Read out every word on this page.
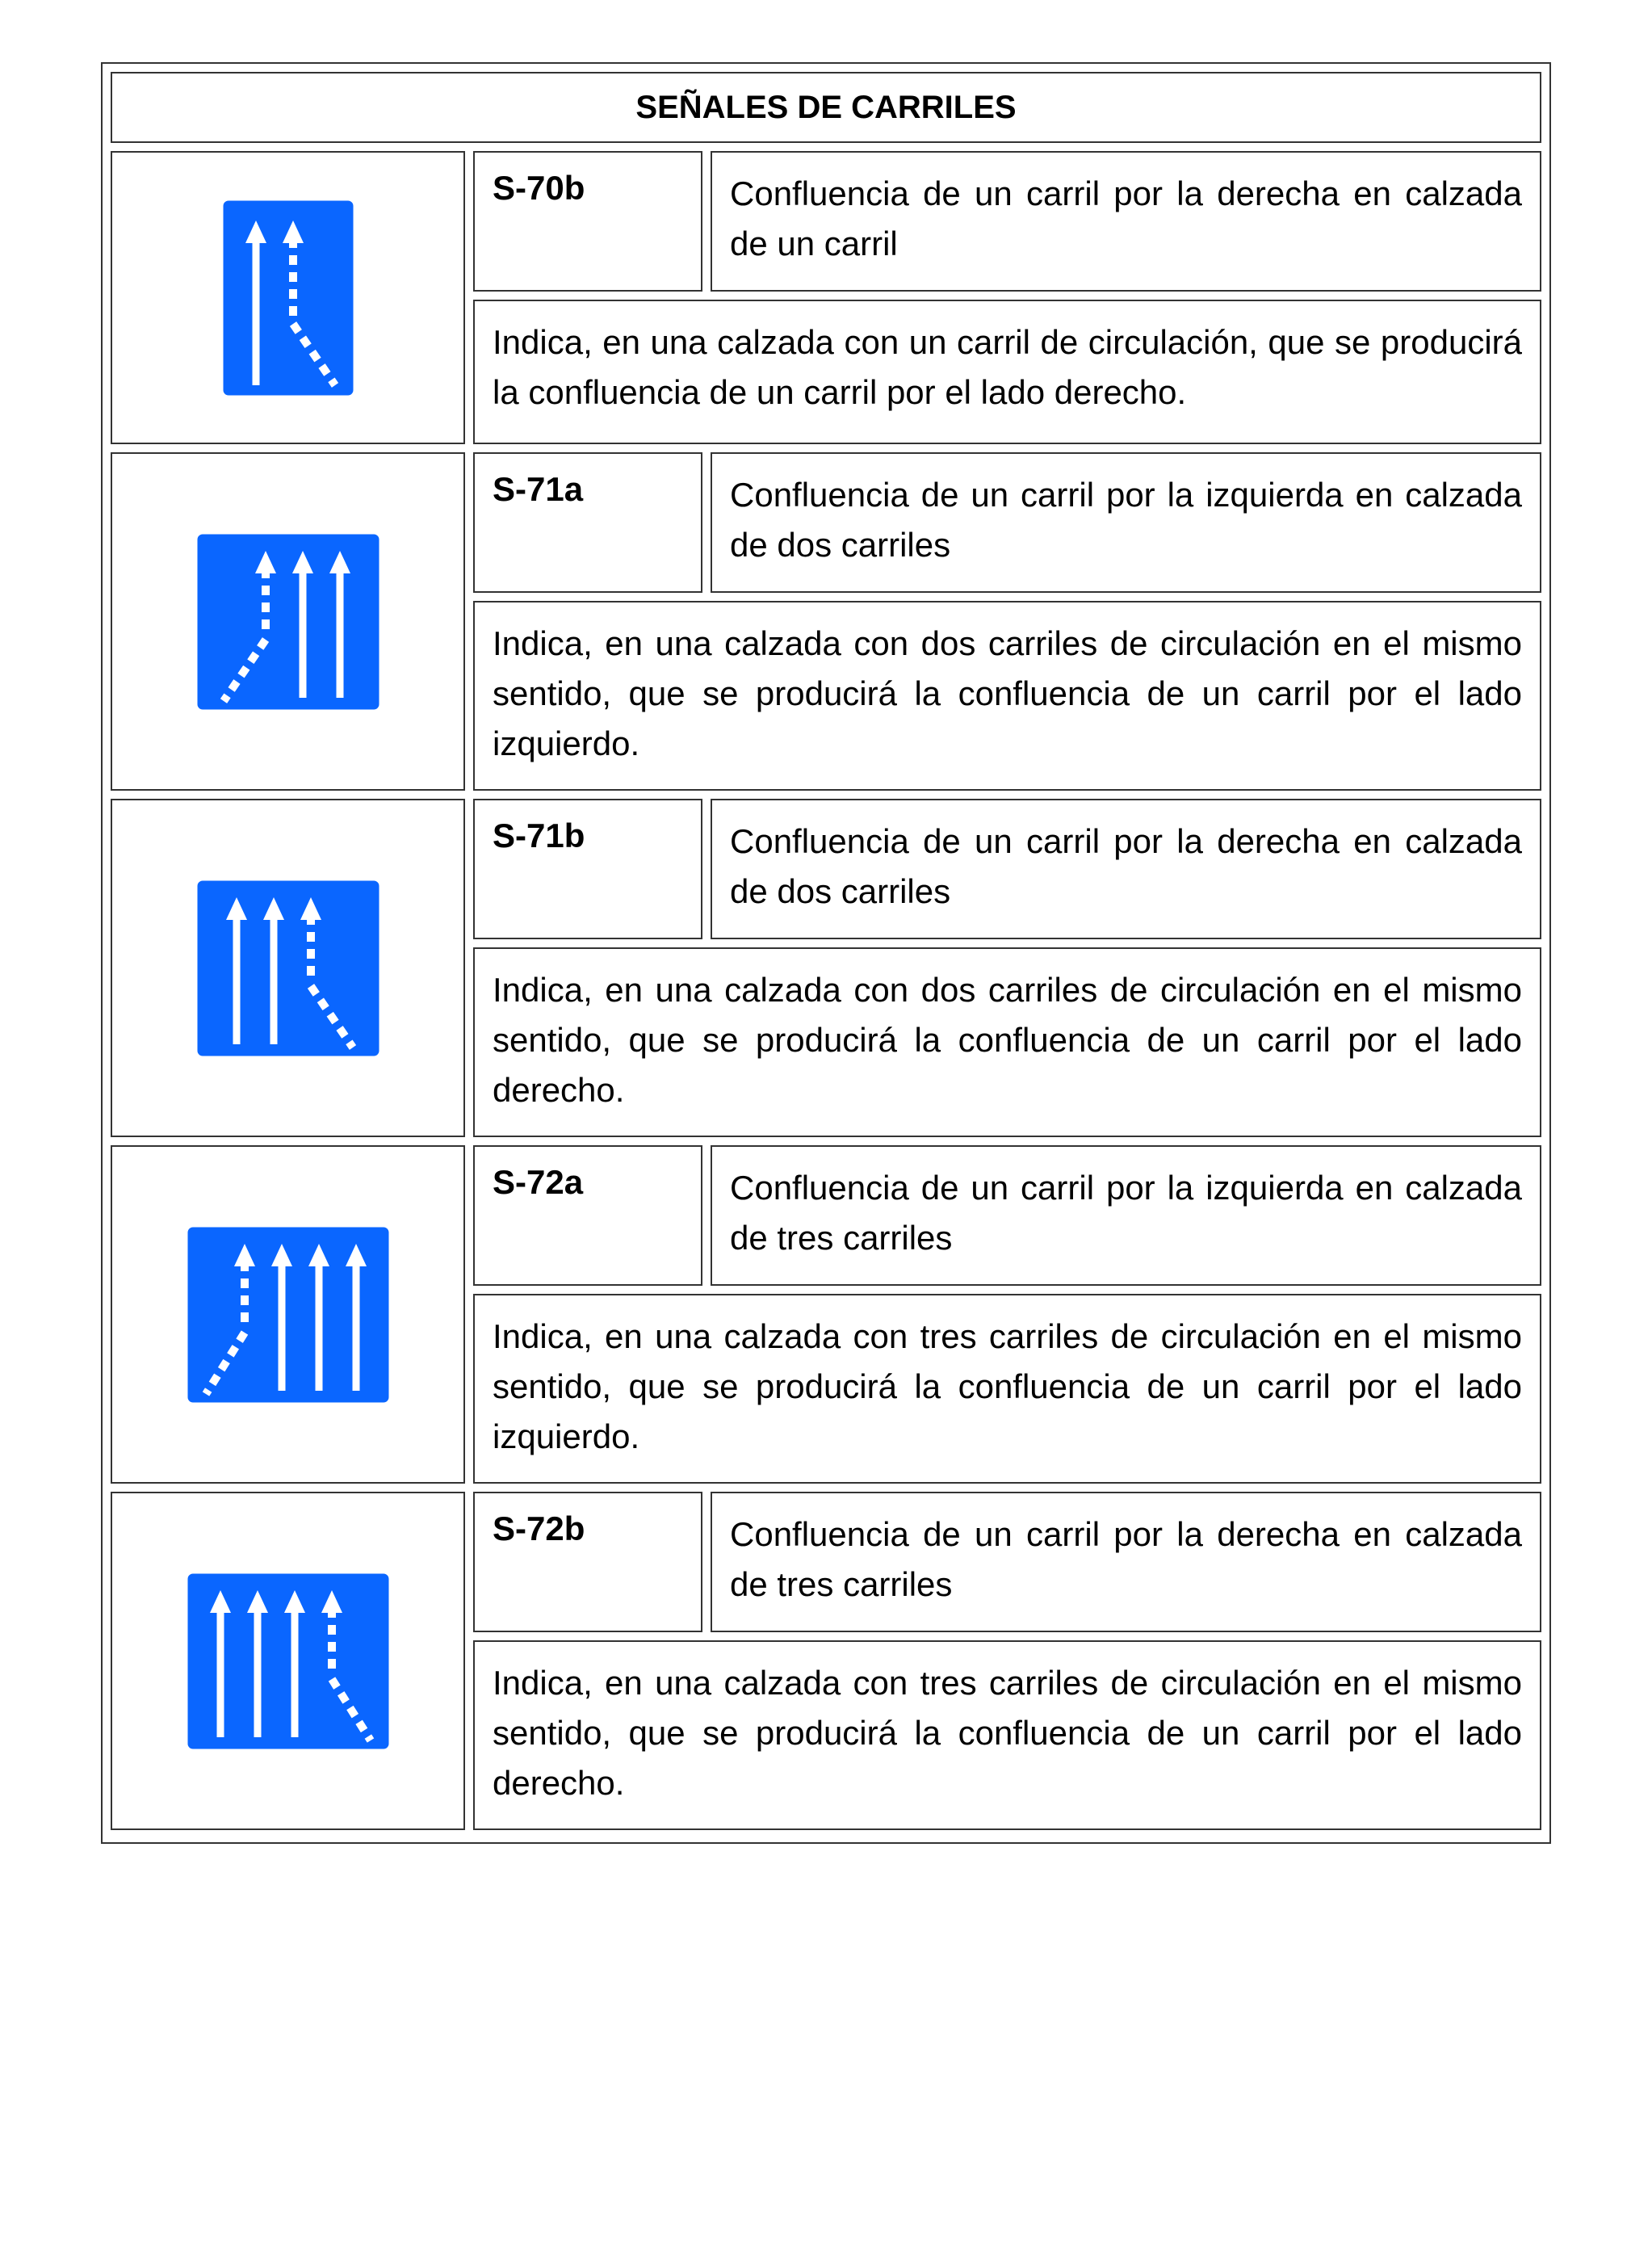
SEÑALES DE CARRILES
S-70b	Confluencia de un carril por la derecha en calzada de un carril
Indica, en una calzada con un carril de circulación, que se producirá la confluencia de un carril por el lado derecho.
S-71a	Confluencia de un carril por la izquierda en calzada de dos carriles
Indica, en una calzada con dos carriles de circulación en el mismo sentido, que se producirá la confluencia de un carril por el lado izquierdo.
S-71b	Confluencia de un carril por la derecha en calzada de dos carriles
Indica, en una calzada con dos carriles de circulación en el mismo sentido, que se producirá la confluencia de un carril por el lado derecho.
S-72a	Confluencia de un carril por la izquierda en calzada de tres carriles
Indica, en una calzada con tres carriles de circulación en el mismo sentido, que se producirá la confluencia de un carril por el lado izquierdo.
S-72b	Confluencia de un carril por la derecha en calzada de tres carriles
Indica, en una calzada con tres carriles de circulación en el mismo sentido, que se producirá la confluencia de un carril por el lado derecho.
